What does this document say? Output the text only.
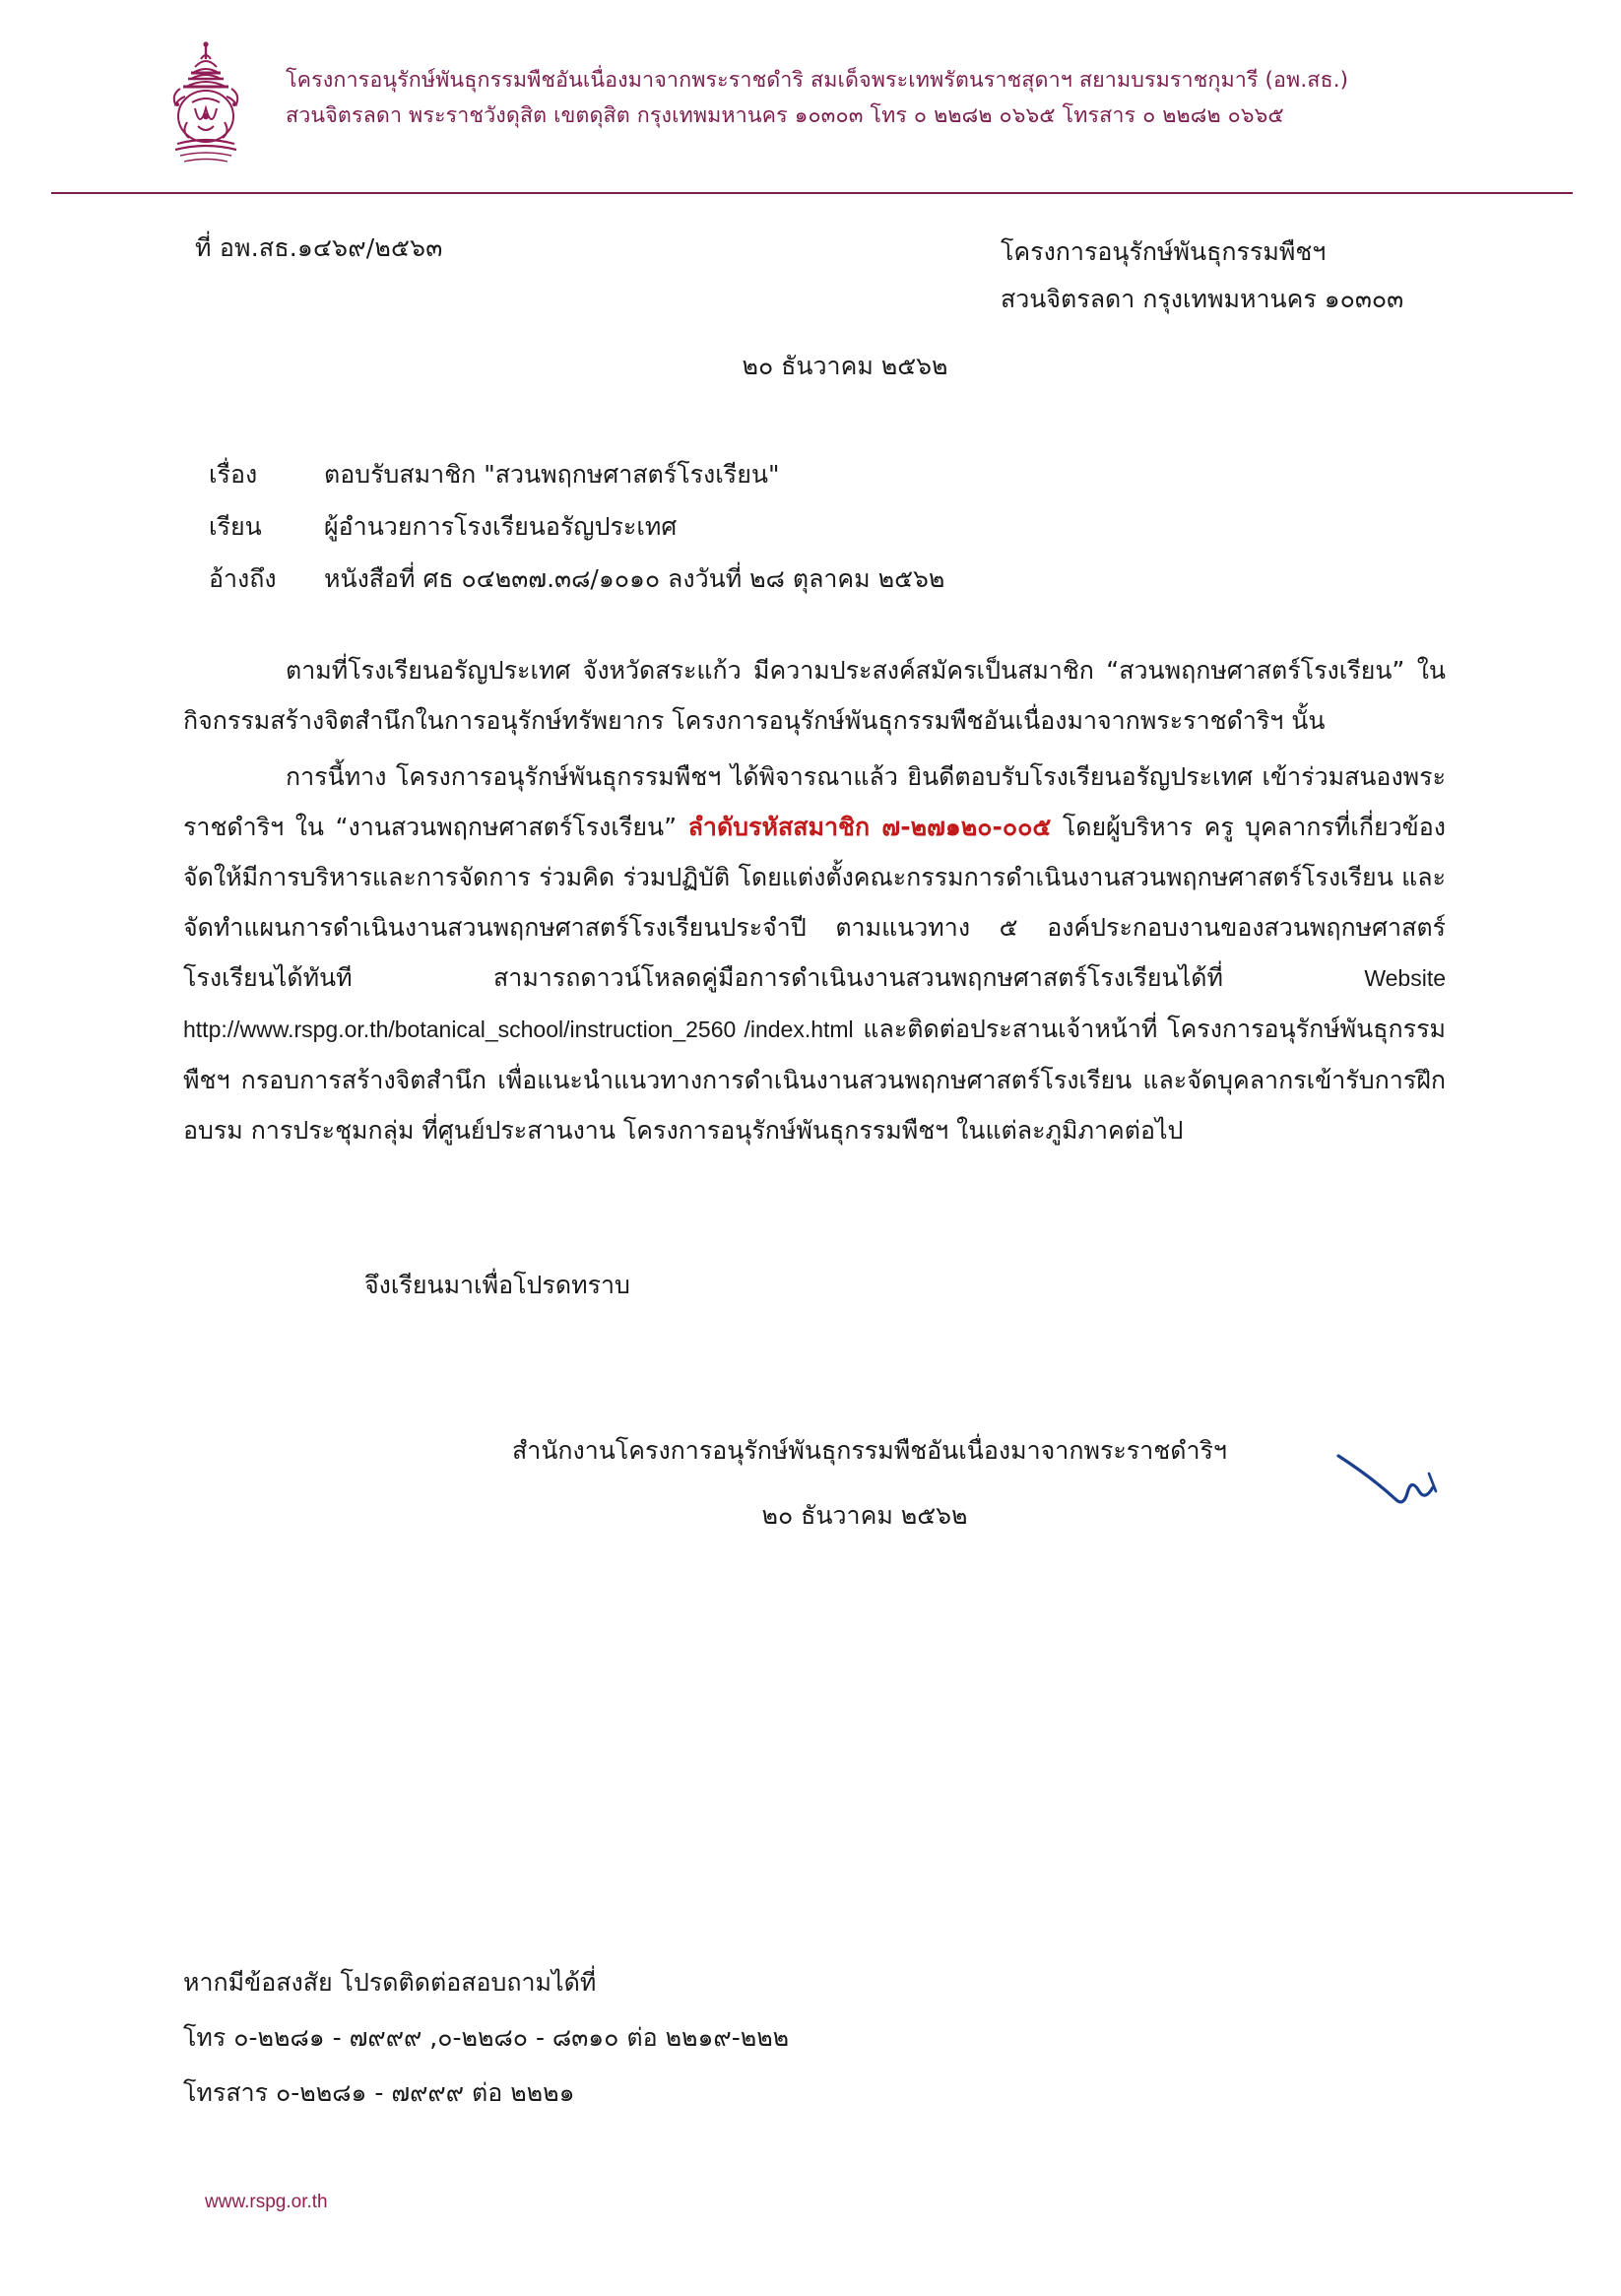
โครงการอนุรักษ์พันธุกรรมพืชอันเนื่องมาจากพระราชดำริ สมเด็จพระเทพรัตนราชสุดาฯ สยามบรมราชกุมารี (อพ.สธ.)
สวนจิตรลดา พระราชวังดุสิต เขตดุสิต กรุงเทพมหานคร ๑๐๓๐๓ โทร ๐ ๒๒๘๒ ๐๖๖๕ โทรสาร ๐ ๒๒๘๒ ๐๖๖๕
ที่ อพ.สธ.๑๔๖๙/๒๕๖๓	โครงการอนุรักษ์พันธุกรรมพืชฯ
สวนจิตรลดา กรุงเทพมหานคร ๑๐๓๐๓
๒๐ ธันวาคม ๒๕๖๒
เรื่อง	ตอบรับสมาชิก "สวนพฤกษศาสตร์โรงเรียน"
เรียน	ผู้อำนวยการโรงเรียนอรัญประเทศ
อ้างถึง	หนังสือที่ ศธ ๐๔๒๓๗.๓๘/๑๐๑๐ ลงวันที่ ๒๘ ตุลาคม ๒๕๖๒

ตามที่โรงเรียนอรัญประเทศ จังหวัดสระแก้ว มีความประสงค์สมัครเป็นสมาชิก “สวนพฤกษศาสตร์โรงเรียน” ในกิจกรรมสร้างจิตสำนึกในการอนุรักษ์ทรัพยากร โครงการอนุรักษ์พันธุกรรมพืชอันเนื่องมาจากพระราชดำริฯ นั้น

การนี้ทาง โครงการอนุรักษ์พันธุกรรมพืชฯ ได้พิจารณาแล้ว ยินดีตอบรับโรงเรียนอรัญประเทศ เข้าร่วมสนองพระราชดำริฯ ใน “งานสวนพฤกษศาสตร์โรงเรียน” ลำดับรหัสสมาชิก ๗-๒๗๑๒๐-๐๐๕ โดยผู้บริหาร ครู บุคลากรที่เกี่ยวข้อง จัดให้มีการบริหารและการจัดการ ร่วมคิด ร่วมปฏิบัติ โดยแต่งตั้งคณะกรรมการดำเนินงานสวนพฤกษศาสตร์โรงเรียน และจัดทำแผนการดำเนินงานสวนพฤกษศาสตร์โรงเรียนประจำปี ตามแนวทาง ๕ องค์ประกอบงานของสวนพฤกษศาสตร์โรงเรียนได้ทันที สามารถดาวน์โหลดคู่มือการดำเนินงานสวนพฤกษศาสตร์โรงเรียนได้ที่ Website http://www.rspg.or.th/botanical_school/instruction_2560 /index.html และติดต่อประสานเจ้าหน้าที่ โครงการอนุรักษ์พันธุกรรมพืชฯ กรอบการสร้างจิตสำนึก เพื่อแนะนำแนวทางการดำเนินงานสวนพฤกษศาสตร์โรงเรียน และจัดบุคลากรเข้ารับการฝึกอบรม การประชุมกลุ่ม ที่ศูนย์ประสานงาน โครงการอนุรักษ์พันธุกรรมพืชฯ ในแต่ละภูมิภาคต่อไป

จึงเรียนมาเพื่อโปรดทราบ
สำนักงานโครงการอนุรักษ์พันธุกรรมพืชอันเนื่องมาจากพระราชดำริฯ
๒๐ ธันวาคม ๒๕๖๒
หากมีข้อสงสัย โปรดติดต่อสอบถามได้ที่
โทร ๐-๒๒๘๑ - ๗๙๙๙ ,๐-๒๒๘๐ - ๘๓๑๐ ต่อ ๒๒๑๙-๒๒๒
โทรสาร ๐-๒๒๘๑ - ๗๙๙๙ ต่อ ๒๒๒๑
www.rspg.or.th
